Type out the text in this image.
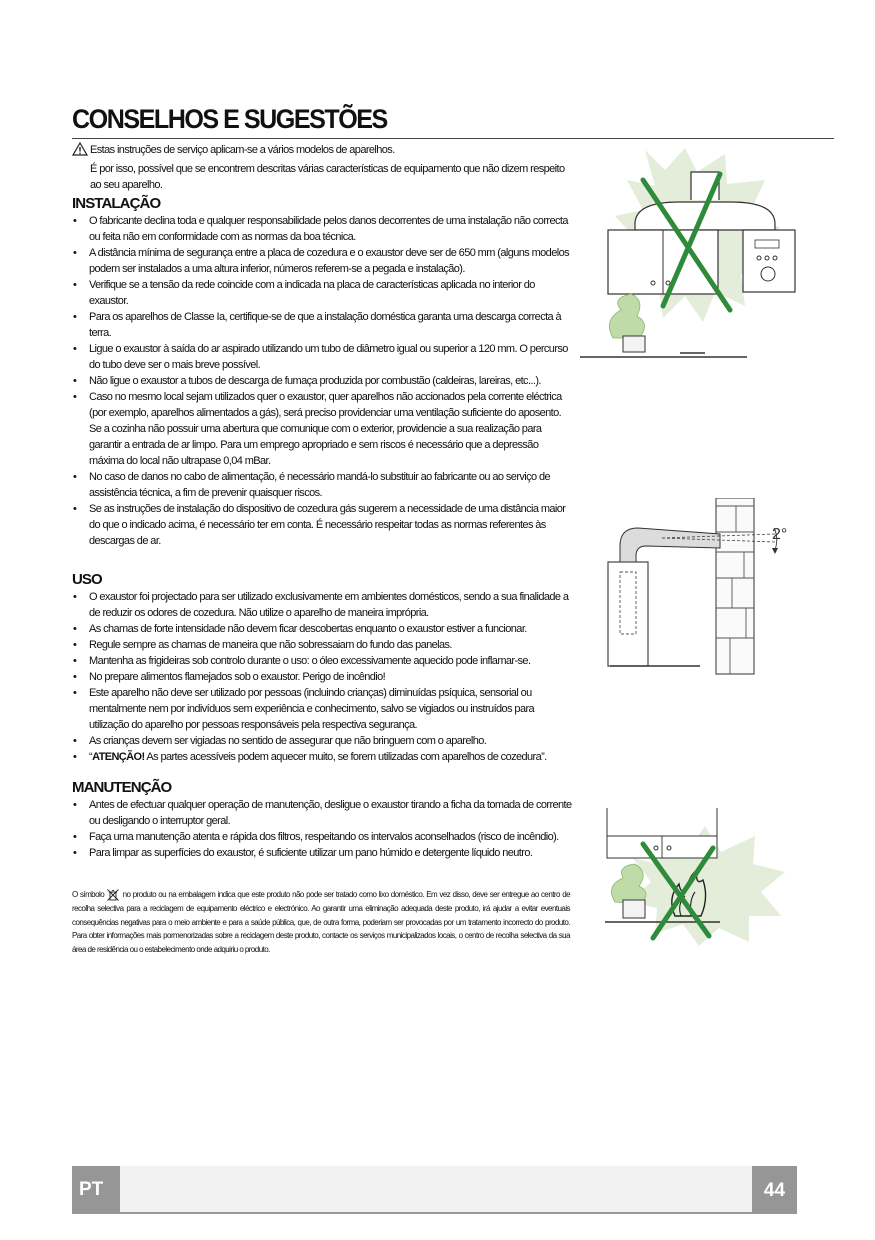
CONSELHOS E SUGESTÕES
Estas instruções de serviço aplicam-se a vários modelos de aparelhos.
É por isso, possível que se encontrem descritas várias características de equipamento que não dizem respeito ao seu aparelho.
INSTALAÇÃO
• O fabricante declina toda e qualquer responsabilidade pelos danos decorrentes de uma instalação não correcta ou feita não em conformidade com as normas da boa técnica.
• A distância mínima de segurança entre a placa de cozedura e o exaustor deve ser de 650 mm (alguns modelos podem ser instalados a uma altura inferior, números referem-se a pegada e instalação).
• Verifique se a tensão da rede coincide com a indicada na placa de características aplicada no interior do exaustor.
• Para os aparelhos de Classe Ia, certifique-se de que a instalação doméstica garanta uma descarga correcta à terra.
• Ligue o exaustor à saída do ar aspirado utilizando um tubo de diâmetro igual ou superior a 120 mm. O percurso do tubo deve ser o mais breve possível.
• Não ligue o exaustor a tubos de descarga de fumaça produzida por combustão (caldeiras, lareiras, etc...).
• Caso no mesmo local sejam utilizados quer o exaustor, quer aparelhos não accionados pela corrente eléctrica (por exemplo, aparelhos alimentados a gás), será preciso providenciar uma ventilação suficiente do aposento. Se a cozinha não possuir uma abertura que comunique com o exterior, providencie a sua realização para garantir a entrada de ar limpo. Para um emprego apropriado e sem riscos é necessário que a depressão máxima do local não ultrapase 0,04 mBar.
• No caso de danos no cabo de alimentação, é necessário mandá-lo substituir ao fabricante ou ao serviço de assistência técnica, a fim de prevenir quaisquer riscos.
• Se as instruções de instalação do dispositivo de cozedura gás sugerem a necessidade de uma distância maior do que o indicado acima, é necessário ter em conta. É necessário respeitar todas as normas referentes às descargas de ar.
USO
• O exaustor foi projectado para ser utilizado exclusivamente em ambientes domésticos, sendo a sua finalidade a de reduzir os odores de cozedura. Não utilize o aparelho de maneira imprópria.
• As chamas de forte intensidade não devem ficar descobertas enquanto o exaustor estiver a funcionar.
• Regule sempre as chamas de maneira que não sobressaiam do fundo das panelas.
• Mantenha as frigideiras sob controlo durante o uso: o óleo excessivamente aquecido pode inflamar-se.
• No prepare alimentos flamejados sob o exaustor. Perigo de incêndio!
• Este aparelho não deve ser utilizado por pessoas (incluindo crianças) diminuídas psíquica, sensorial ou mentalmente nem por indivíduos sem experiência e conhecimento, salvo se vigiados ou instruídos para utilização do aparelho por pessoas responsáveis pela respectiva segurança.
• As crianças devem ser vigiadas no sentido de assegurar que não bringuem com o aparelho.
• “ATENÇÃO! As partes acessíveis podem aquecer muito, se forem utilizadas com aparelhos de cozedura”.
MANUTENÇÃO
• Antes de efectuar qualquer operação de manutenção, desligue o exaustor tirando a ficha da tomada de corrente ou desligando o interruptor geral.
• Faça uma manutenção atenta e rápida dos filtros, respeitando os intervalos aconselhados (risco de incêndio).
• Para limpar as superfícies do exaustor, é suficiente utilizar um pano húmido e detergente líquido neutro.
O símbolo  no produto ou na embalagem indica que este produto não pode ser tratado como lixo doméstico. Em vez disso, deve ser entregue ao centro de recolha selectiva para a reciclagem de equipamento eléctrico e electrónico. Ao garantir uma eliminação adequada deste produto, irá ajudar a evitar eventuais consequências negativas para o meio ambiente e para a saúde pública, que, de outra forma, poderiam ser provocadas por um tratamento incorrecto do produto. Para obter informações mais pormenorizadas sobre a reciclagem deste produto, contacte os serviços municipalizados locais, o centro de recolha selectiva da sua área de residência ou o estabelecimento onde adquiriu o produto.
2°
PT	44
